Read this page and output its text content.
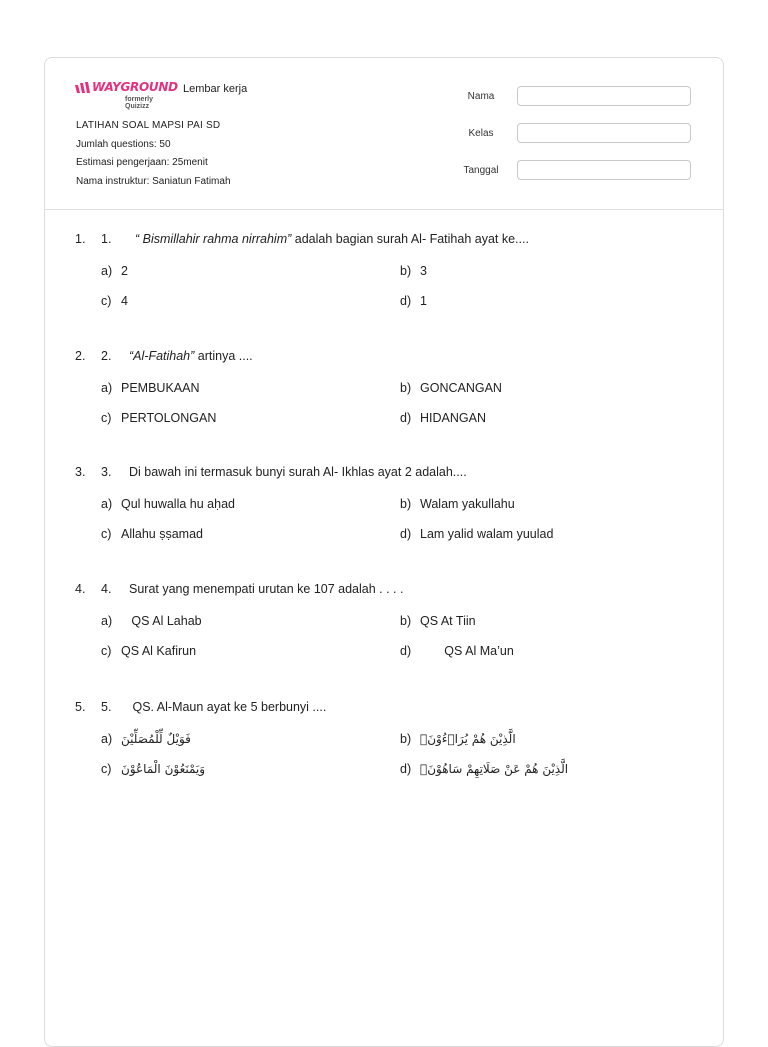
WAYGROUND
formerly Quizizz
Lembar kerja
LATIHAN SOAL MAPSI PAI SD
Jumlah questions: 50
Estimasi pengerjaan: 25menit
Nama instruktur: Saniatun Fatimah
Nama
Kelas
Tanggal
1.	1.	“ Bismillahir rahma nirrahim” adalah bagian surah Al- Fatihah ayat ke....
a) 2	b) 3
c) 4	d) 1
2.	2.	“Al-Fatihah” artinya ....
a) PEMBUKAAN	b) GONCANGAN
c) PERTOLONGAN	d) HIDANGAN
3.	3.	Di bawah ini termasuk bunyi surah Al- Ikhlas ayat 2 adalah....
a) Qul huwalla hu aḥad	b) Walam yakullahu
c) Allahu ṣṣamad	d) Lam yalid walam yuulad
4.	4.	Surat yang menempati urutan ke 107 adalah . . . .
a) QS Al Lahab	b) QS At Tiin
c) QS Al Kafirun	d) QS Al Ma’un
5.	5.	QS. Al-Maun ayat ke 5 berbunyi ....
a) فَوَيْلٌ لِّلْمُصَلِّيْنَ	b) الَّذِيْنَ هُمْ يُرَاۤءُوْنَۙ
c) وَيَمْنَعُوْنَ الْمَاعُوْنَ	d) الَّذِيْنَ هُمْ عَنْ صَلَاتِهِمْ سَاهُوْنَۙ
